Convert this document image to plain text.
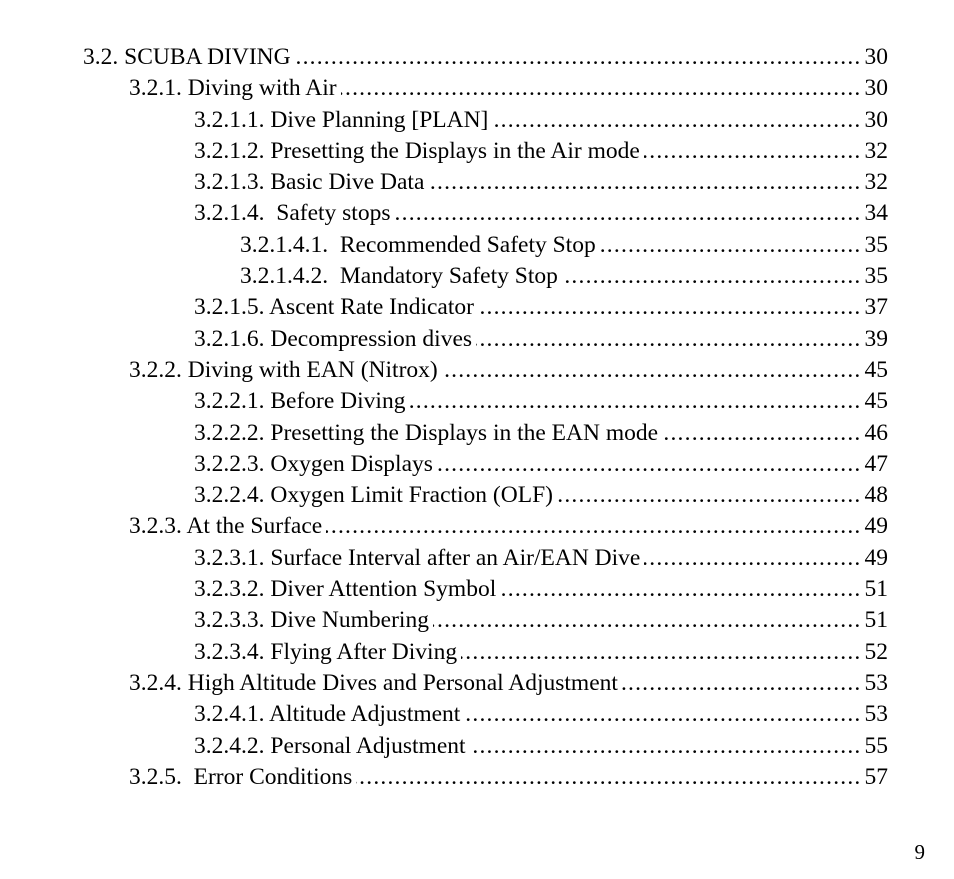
3.2. SCUBA DIVING .....	30
3.2.1. Diving with Air .....	30
3.2.1.1. Dive Planning [PLAN] .....	30
3.2.1.2. Presetting the Displays in the Air mode .....	32
3.2.1.3. Basic Dive Data .....	32
3.2.1.4.  Safety stops .....	34
3.2.1.4.1.  Recommended Safety Stop .....	35
3.2.1.4.2.  Mandatory Safety Stop .....	35
3.2.1.5. Ascent Rate Indicator .....	37
3.2.1.6. Decompression dives .....	39
3.2.2. Diving with EAN (Nitrox) .....	45
3.2.2.1. Before Diving .....	45
3.2.2.2. Presetting the Displays in the EAN mode .....	46
3.2.2.3. Oxygen Displays .....	47
3.2.2.4. Oxygen Limit Fraction (OLF) .....	48
3.2.3. At the Surface .....	49
3.2.3.1. Surface Interval after an Air/EAN Dive .....	49
3.2.3.2. Diver Attention Symbol .....	51
3.2.3.3. Dive Numbering .....	51
3.2.3.4. Flying After Diving .....	52
3.2.4. High Altitude Dives and Personal Adjustment .....	53
3.2.4.1. Altitude Adjustment .....	53
3.2.4.2. Personal Adjustment .....	55
3.2.5.  Error Conditions .....	57
9
